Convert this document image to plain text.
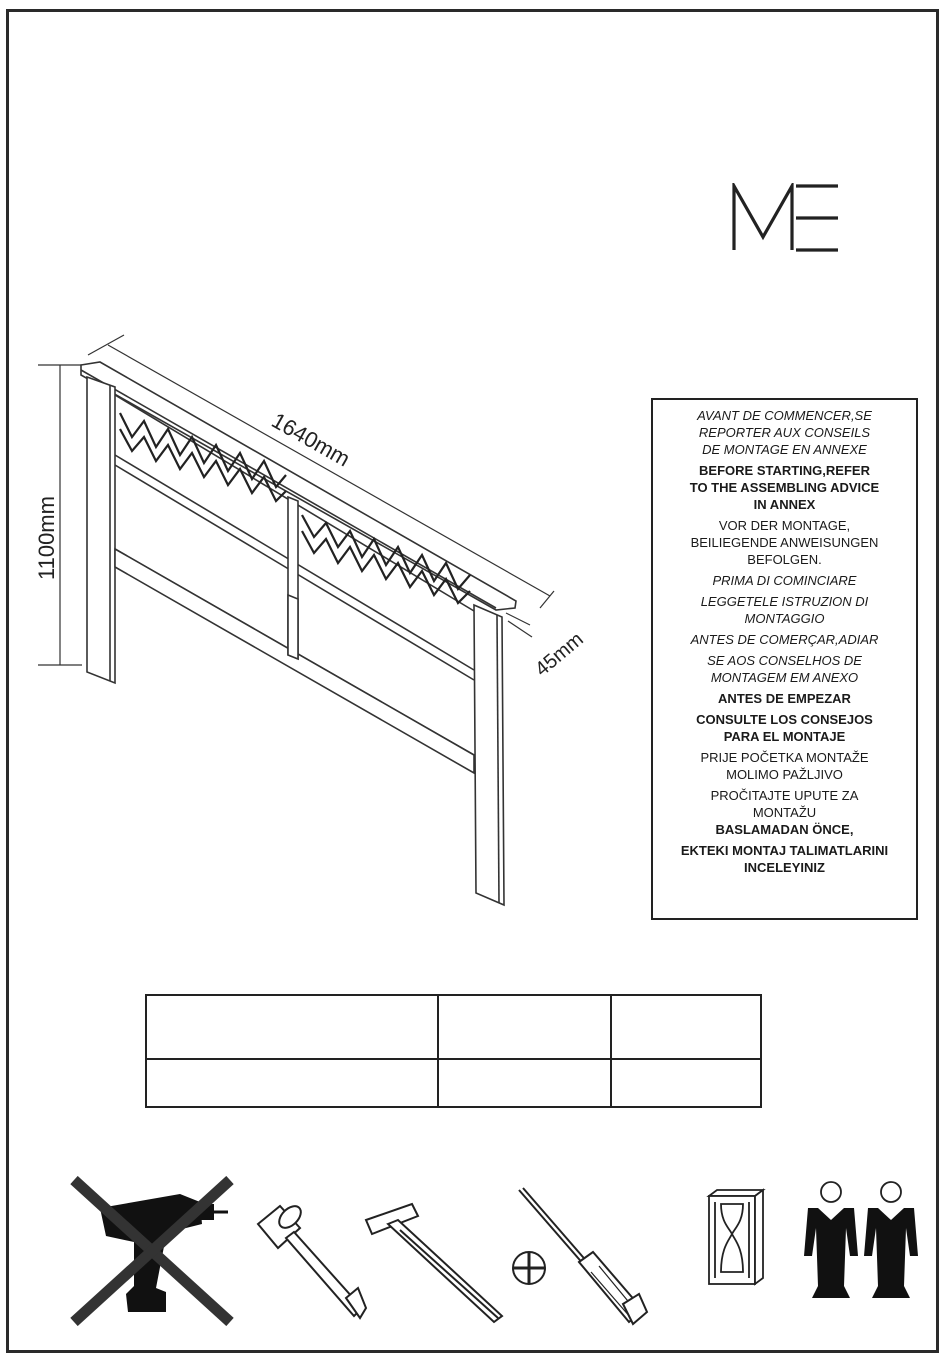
1640mm
1100mm
45mm

AVANT DE COMMENCER,SE

REPORTER AUX CONSEILS

DE MONTAGE EN ANNEXE

BEFORE STARTING,REFER

TO THE ASSEMBLING ADVICE

IN ANNEX

VOR DER MONTAGE,

BEILIEGENDE ANWEISUNGEN

BEFOLGEN.

PRIMA DI COMINCIARE

LEGGETELE ISTRUZION DI

MONTAGGIO

ANTES DE COMERÇAR,ADIAR

SE AOS CONSELHOS DE

MONTAGEM EM ANEXO

ANTES DE EMPEZAR

CONSULTE LOS CONSEJOS

PARA EL MONTAJE

PRIJE POČETKA MONTAŽE

MOLIMO PAŽLJIVO

PROČITAJTE UPUTE ZA

MONTAŽU

BASLAMADAN ÖNCE,

EKTEKI MONTAJ TALIMATLARINI

INCELEYINIZ
